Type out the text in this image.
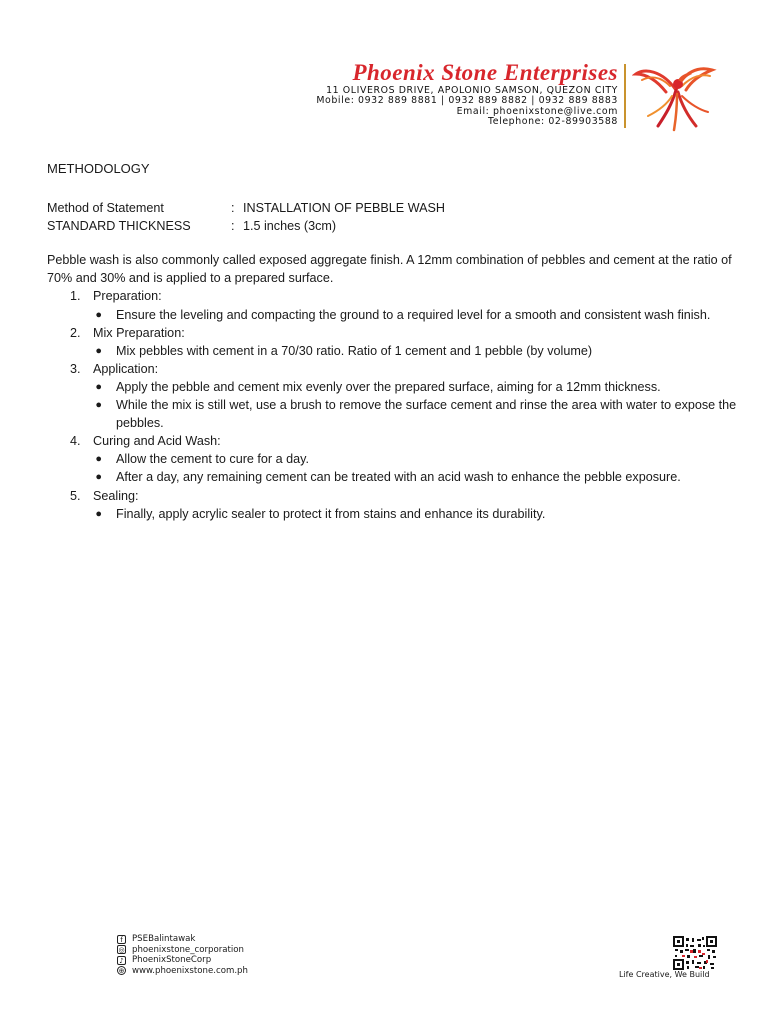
Phoenix Stone Enterprises
11 OLIVEROS DRIVE, APOLONIO SAMSON, QUEZON CITY
Mobile: 0932 889 8881 | 0932 889 8882 | 0932 889 8883
Email: phoenixstone@live.com
Telephone: 02-89903588
METHODOLOGY
Method of Statement	: INSTALLATION OF PEBBLE WASH
STANDARD THICKNESS	: 1.5 inches (3cm)
Pebble wash is also commonly called exposed aggregate finish. A 12mm combination of pebbles and cement at the ratio of 70% and 30% and is applied to a prepared surface.
1. Preparation:
●	Ensure the leveling and compacting the ground to a required level for a smooth and consistent wash finish.
2. Mix Preparation:
●	Mix pebbles with cement in a 70/30 ratio. Ratio of 1 cement and 1 pebble (by volume)
3. Application:
●	Apply the pebble and cement mix evenly over the prepared surface, aiming for a 12mm thickness.
●	While the mix is still wet, use a brush to remove the surface cement and rinse the area with water to expose the pebbles.
4. Curing and Acid Wash:
●	Allow the cement to cure for a day.
●	After a day, any remaining cement can be treated with an acid wash to enhance the pebble exposure.
5. Sealing:
●	Finally, apply acrylic sealer to protect it from stains and enhance its durability.
f	PSEBalintawak
◎ phoenixstone_corporation
♪ PhoenixStoneCorp
⊕ www.phoenixstone.com.ph	Life Creative, We Build
